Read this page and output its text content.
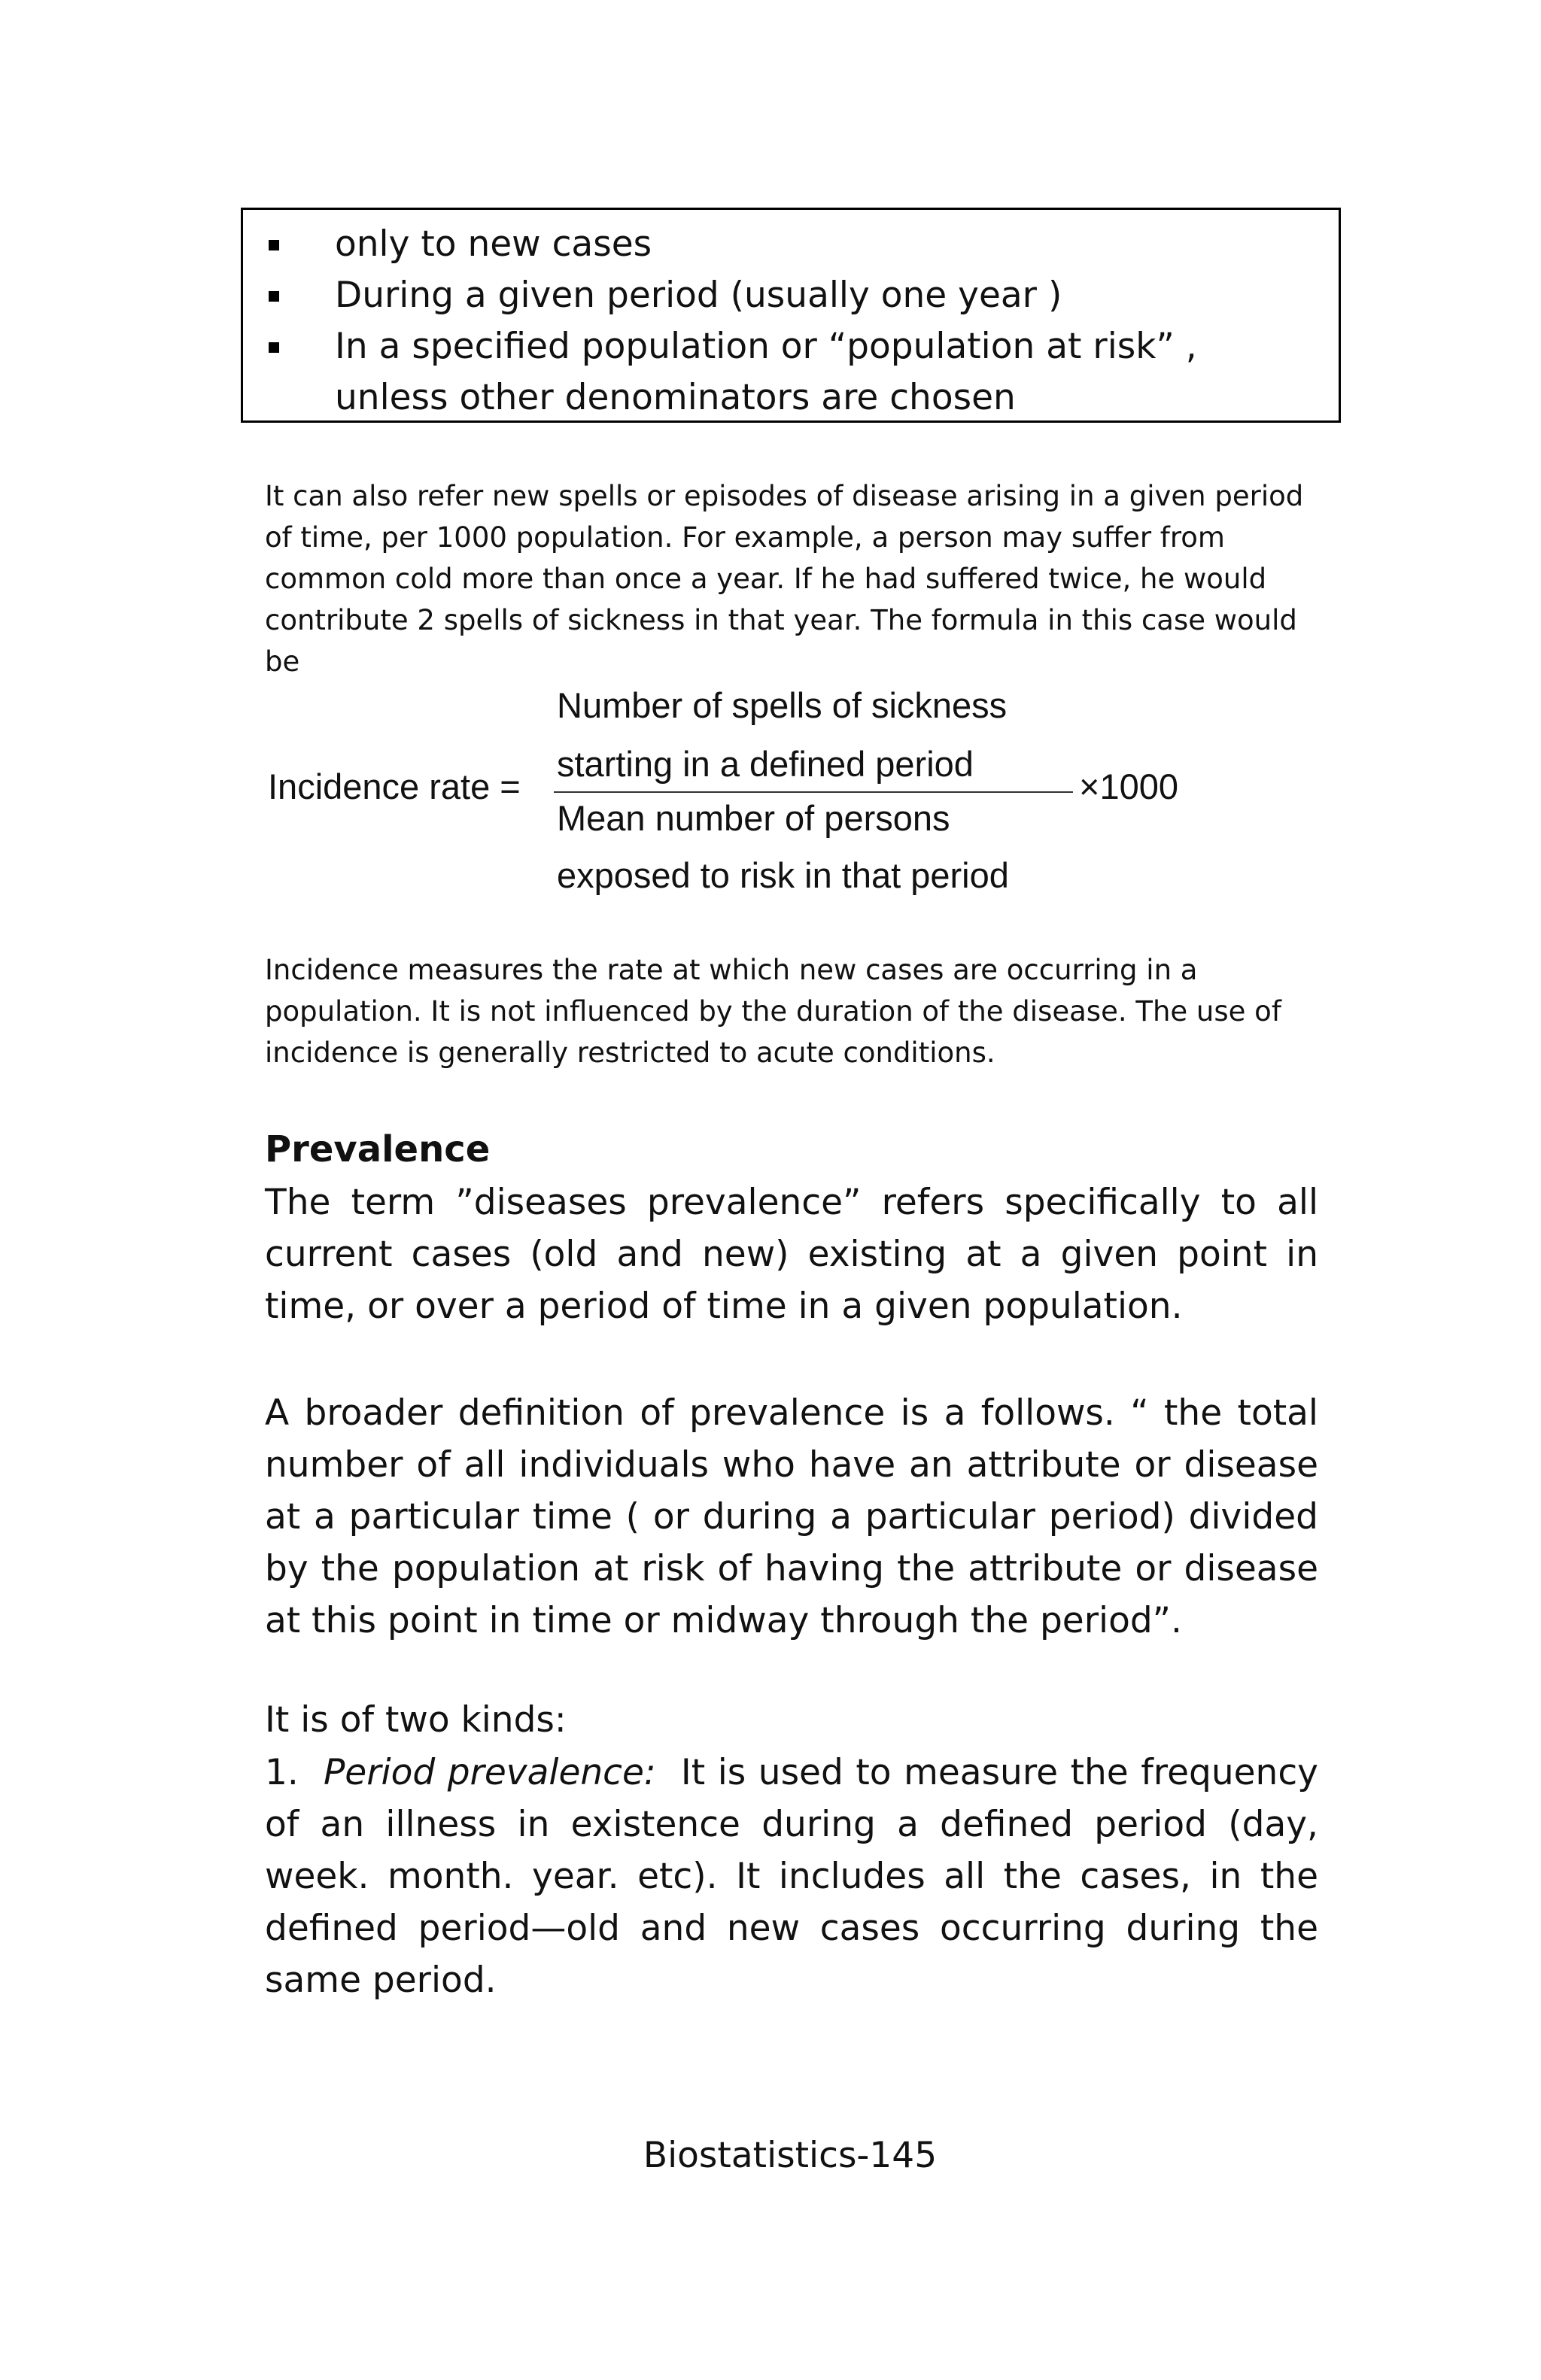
only to new cases
During a given period (usually one year )
In a specified population or “population at risk” , unless other denominators are chosen

It can also refer new spells or episodes of disease arising in a given period of time, per 1000 population. For example, a person may suffer from common cold more than once a year. If he had suffered twice, he would contribute 2 spells of sickness in that year. The formula in this case would be

Incidence rate =
Number of spells of sickness
starting in a defined period
Mean number of persons
exposed to risk in that period
×1000

Incidence measures the rate at which new cases are occurring in a population. It is not influenced by the duration of the disease. The use of incidence is generally restricted to acute conditions.

Prevalence

The term ”diseases prevalence” refers specifically to all current cases (old and new) existing at a given point in time, or over a period of time in a given population.

A broader definition of prevalence is a follows. “ the total number of all individuals who have an attribute or disease at a particular time ( or during a particular period) divided by the population at risk of having the attribute or disease at this point in time or midway through the period”.

It is of two kinds:

1. Period prevalence: It is used to measure the frequency of an illness in existence during a defined period (day, week. month. year. etc). It includes all the cases, in the defined period—old and new cases occurring during the same period.

Biostatistics-145
